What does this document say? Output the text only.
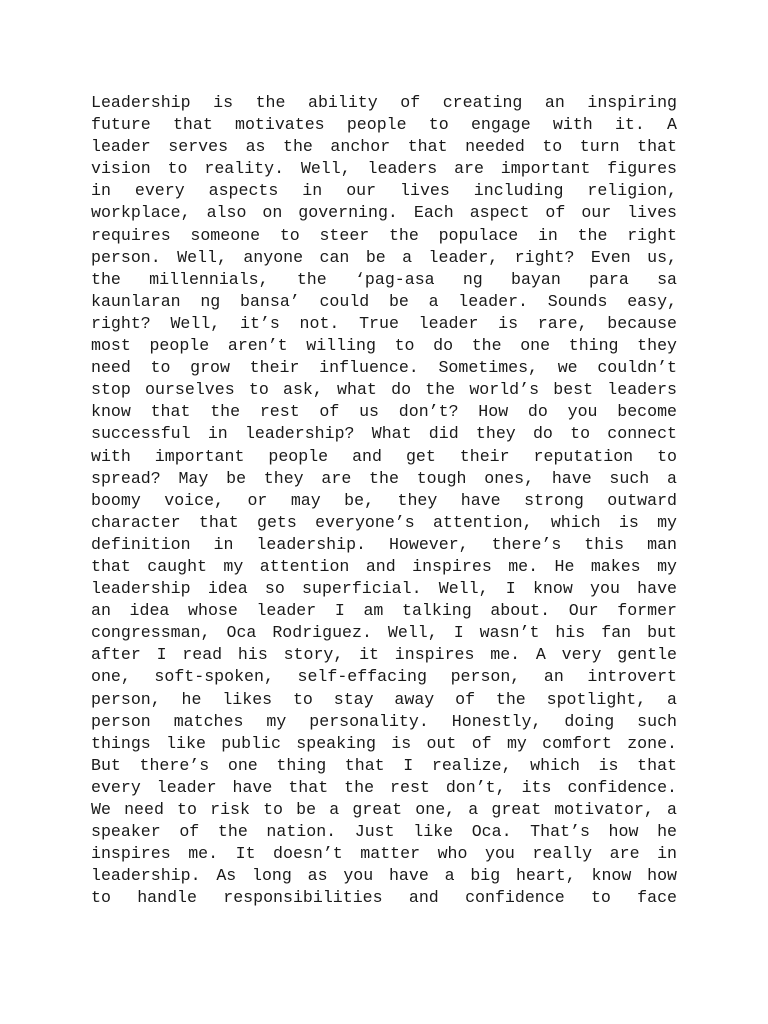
Leadership is the ability of creating an inspiring
future that motivates people to engage with it. A
leader serves as the anchor that needed to turn that
vision to reality. Well, leaders are important figures
in every aspects in our lives including religion,
workplace, also on governing. Each aspect of our lives
requires someone to steer the populace in the right
person. Well, anyone can be a leader, right? Even us,
the millennials, the ‘pag-asa ng bayan para sa
kaunlaran ng bansa’ could be a leader. Sounds easy,
right? Well, it’s not. True leader is rare, because
most people aren’t willing to do the one thing they
need to grow their influence. Sometimes, we couldn’t
stop ourselves to ask, what do the world’s best leaders
know that the rest of us don’t? How do you become
successful in leadership? What did they do to connect
with important people and get their reputation to
spread? May be they are the tough ones, have such a
boomy voice, or may be, they have strong outward
character that gets everyone’s attention, which is my
definition in leadership. However, there’s this man
that caught my attention and inspires me. He makes my
leadership idea so superficial. Well, I know you have
an idea whose leader I am talking about. Our former
congressman, Oca Rodriguez. Well, I wasn’t his fan but
after I read his story, it inspires me. A very gentle
one, soft-spoken, self-effacing person, an introvert
person, he likes to stay away of the spotlight, a
person matches my personality. Honestly, doing such
things like public speaking is out of my comfort zone.
But there’s one thing that I realize, which is that
every leader have that the rest don’t, its confidence.
We need to risk to be a great one, a great motivator, a
speaker of the nation. Just like Oca. That’s how he
inspires me. It doesn’t matter who you really are in
leadership. As long as you have a big heart, know how
to handle responsibilities and confidence to face
